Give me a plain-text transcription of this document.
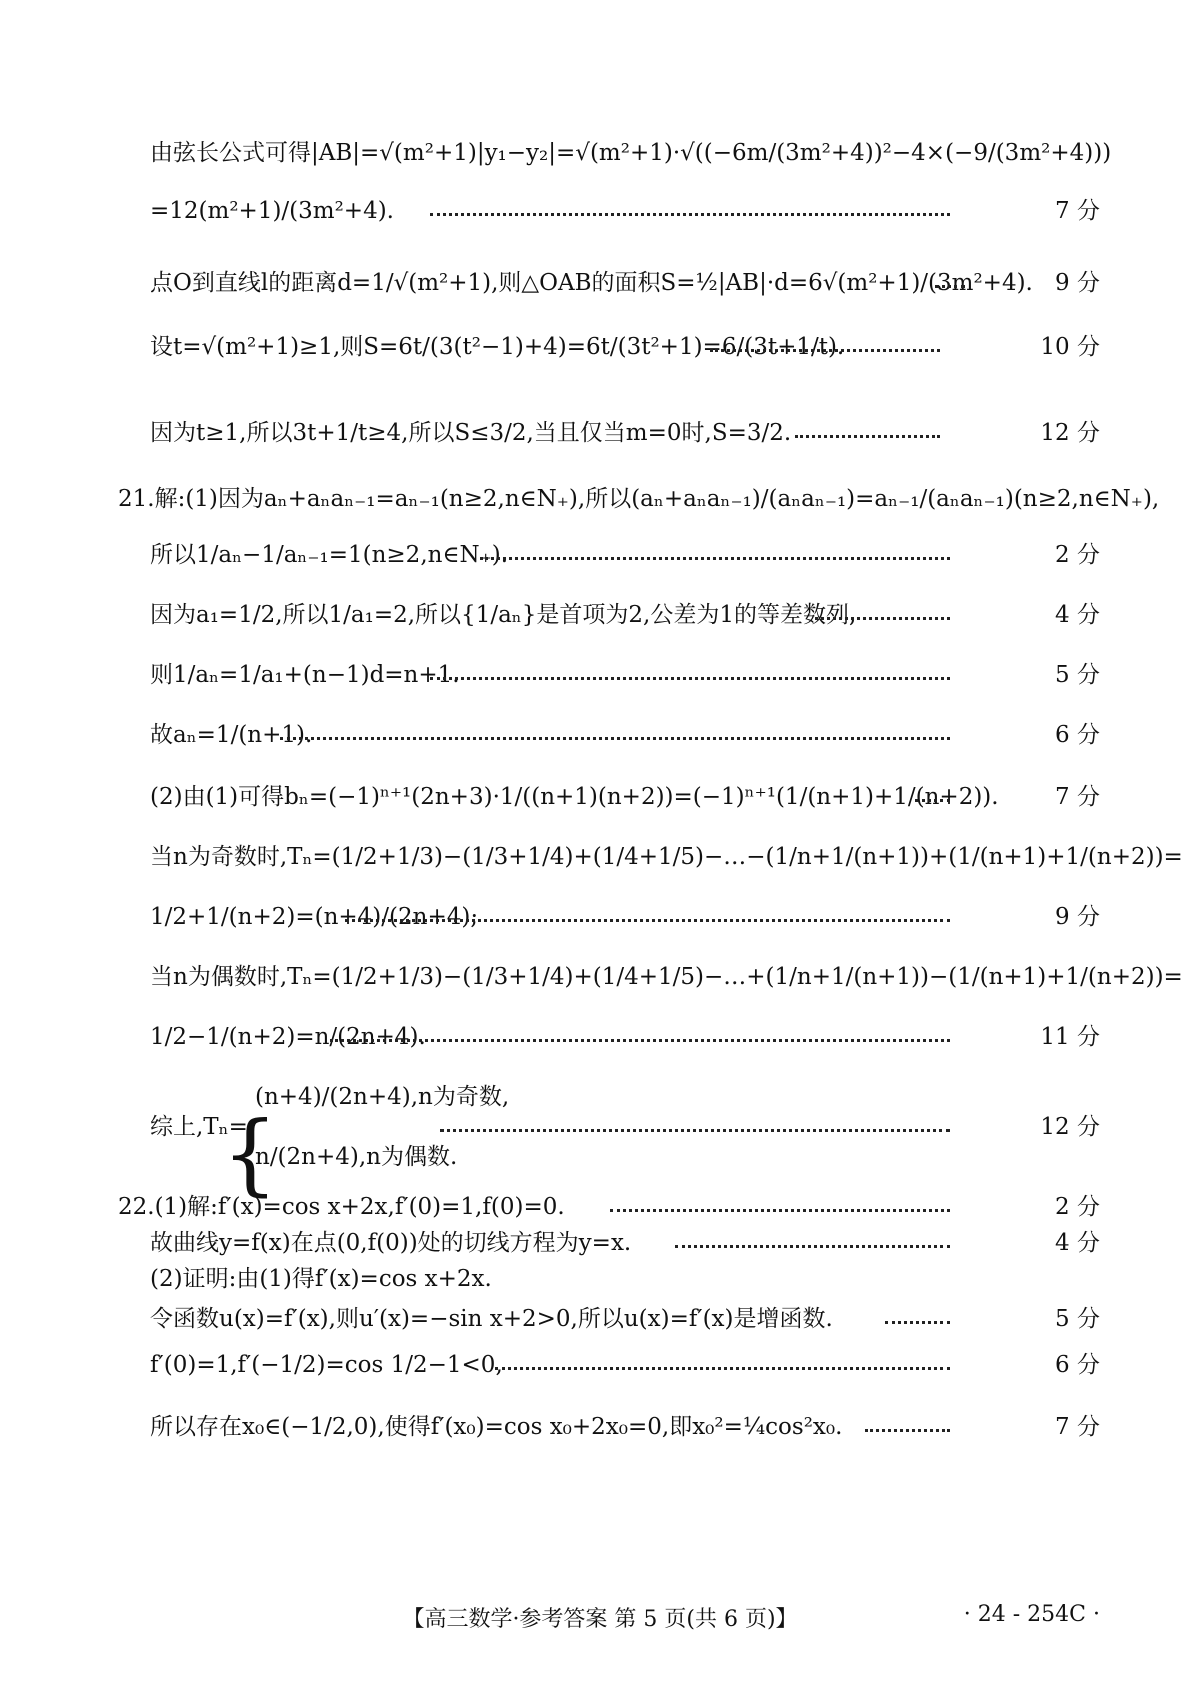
由弦长公式可得|AB|=√(m²+1)|y₁−y₂|=√(m²+1)·√((−6m/(3m²+4))²−4×(−9/(3m²+4)))
=12(m²+1)/(3m²+4).	7 分
点O到直线l的距离d=1/√(m²+1),则△OAB的面积S=½|AB|·d=6√(m²+1)/(3m²+4). 9 分
设t=√(m²+1)≥1,则S=6t/(3(t²−1)+4)=6t/(3t²+1)=6/(3t+1/t).	10 分
因为t≥1,所以3t+1/t≥4,所以S≤3/2,当且仅当m=0时,S=3/2.	12 分
21.解:(1)因为aₙ+aₙaₙ₋₁=aₙ₋₁(n≥2,n∈N₊),所以(aₙ+aₙaₙ₋₁)/(aₙaₙ₋₁)=aₙ₋₁/(aₙaₙ₋₁)(n≥2,n∈N₊),
所以1/aₙ−1/aₙ₋₁=1(n≥2,n∈N₊).	2 分
因为a₁=1/2,所以1/a₁=2,所以{1/aₙ}是首项为2,公差为1的等差数列,	4 分
则1/aₙ=1/a₁+(n−1)d=n+1.	5 分
故aₙ=1/(n+1).	6 分
(2)由(1)可得bₙ=(−1)ⁿ⁺¹(2n+3)·1/((n+1)(n+2))=(−1)ⁿ⁺¹(1/(n+1)+1/(n+2)). 7 分
当n为奇数时,Tₙ=(1/2+1/3)−(1/3+1/4)+(1/4+1/5)−…−(1/n+1/(n+1))+(1/(n+1)+1/(n+2))=
1/2+1/(n+2)=(n+4)/(2n+4);	9 分
当n为偶数时,Tₙ=(1/2+1/3)−(1/3+1/4)+(1/4+1/5)−…+(1/n+1/(n+1))−(1/(n+1)+1/(n+2))=
1/2−1/(n+2)=n/(2n+4).	11 分
综上,Tₙ=
{
(n+4)/(2n+4),n为奇数,
n/(2n+4),n为偶数.
12 分
22.(1)解:f′(x)=cos x+2x,f′(0)=1,f(0)=0.	2 分
故曲线y=f(x)在点(0,f(0))处的切线方程为y=x.	4 分
(2)证明:由(1)得f′(x)=cos x+2x.
令函数u(x)=f′(x),则u′(x)=−sin x+2>0,所以u(x)=f′(x)是增函数.	5 分
f′(0)=1,f′(−1/2)=cos 1/2−1<0,	6 分
所以存在x₀∈(−1/2,0),使得f′(x₀)=cos x₀+2x₀=0,即x₀²=¼cos²x₀.	7 分
【高三数学·参考答案 第 5 页(共 6 页)】	· 24 - 254C ·
